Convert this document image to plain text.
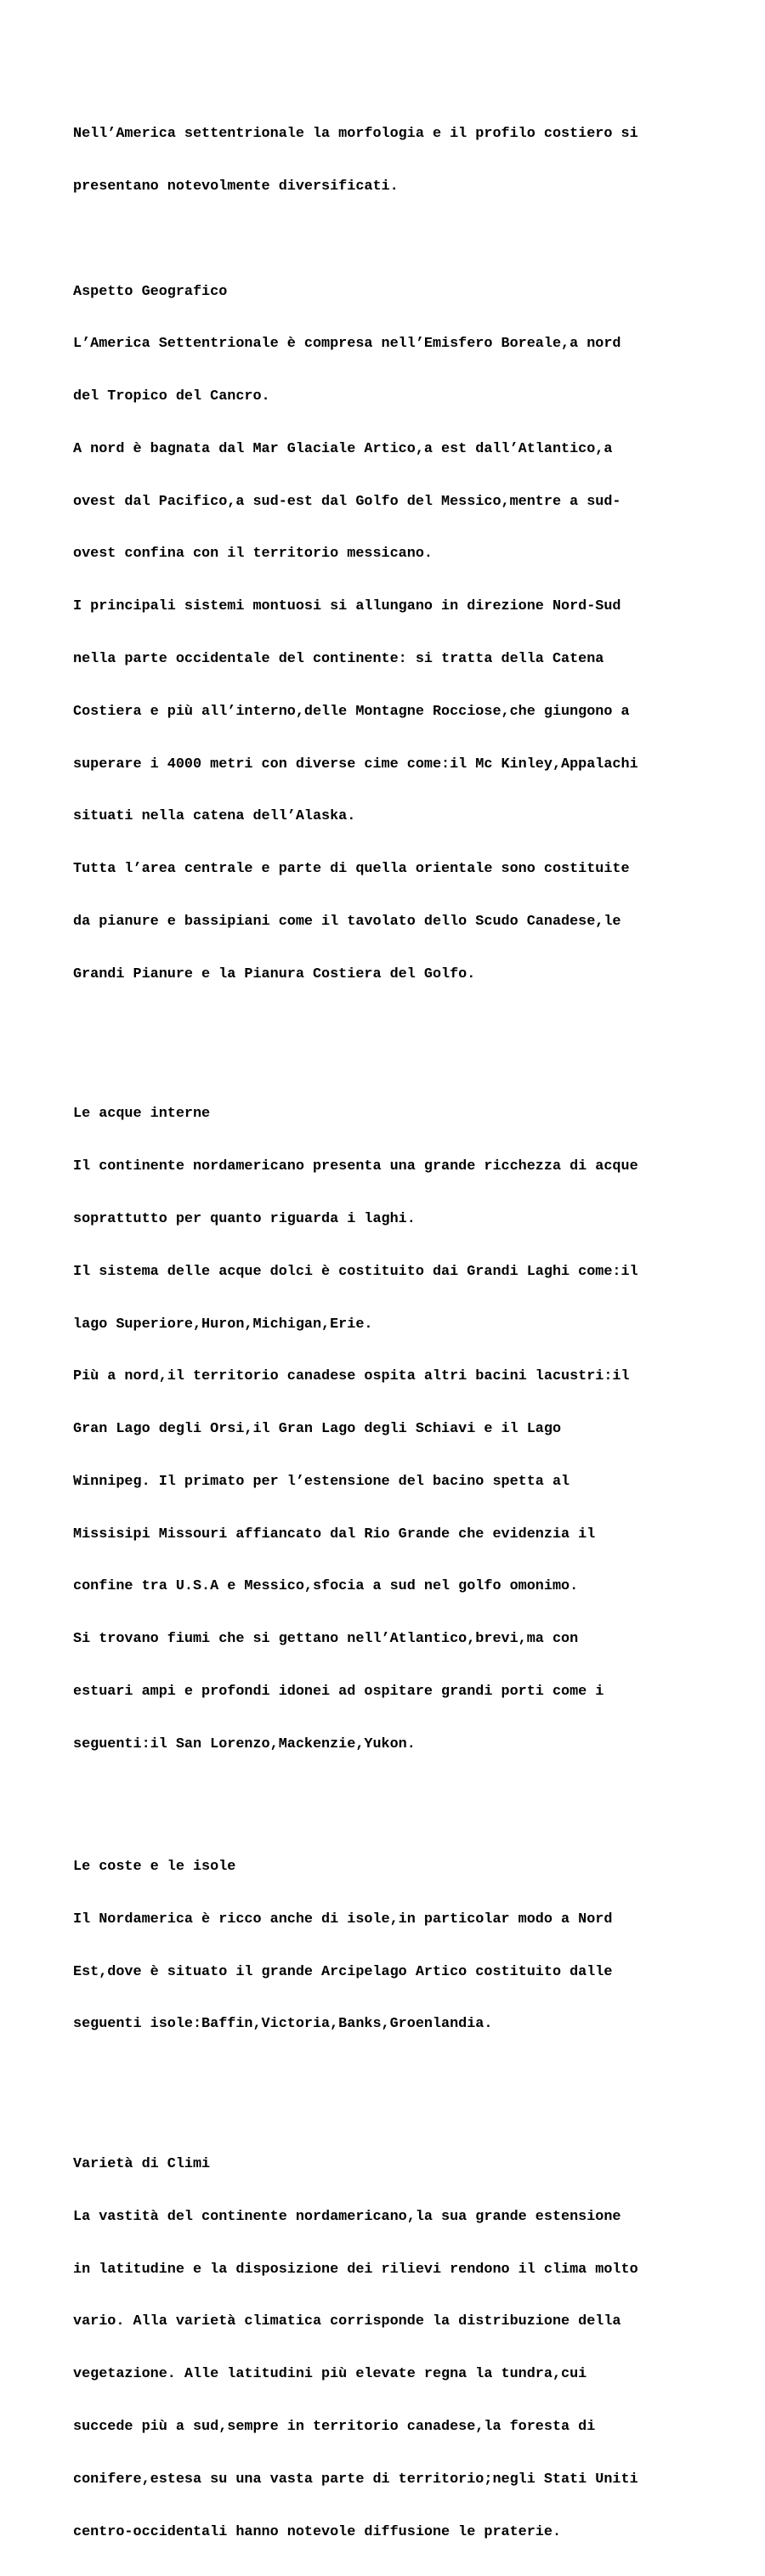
Nell’America settentrionale la morfologia e il profilo costiero si

presentano notevolmente diversificati.

Aspetto Geografico

L’America Settentrionale è compresa nell’Emisfero Boreale,a nord

del Tropico del Cancro.

A nord è bagnata dal Mar Glaciale Artico,a est dall’Atlantico,a

ovest dal Pacifico,a sud-est dal Golfo del Messico,mentre a sud-

ovest confina con il territorio messicano.

I principali sistemi montuosi si allungano in direzione Nord-Sud

nella parte occidentale del continente: si tratta della Catena

Costiera e più all’interno,delle Montagne Rocciose,che giungono a

superare i 4000 metri con diverse cime come:il Mc Kinley,Appalachi

situati nella catena dell’Alaska.

Tutta l’area centrale e parte di quella orientale sono costituite

da pianure e bassipiani come il tavolato dello Scudo Canadese,le

Grandi Pianure e la Pianura Costiera del Golfo.

Le acque interne

Il continente nordamericano presenta una grande ricchezza di acque

soprattutto per quanto riguarda i laghi.

Il sistema delle acque dolci è costituito dai Grandi Laghi come:il

lago Superiore,Huron,Michigan,Erie.

Più a nord,il territorio canadese ospita altri bacini lacustri:il

Gran Lago degli Orsi,il Gran Lago degli Schiavi e il Lago

Winnipeg. Il primato per l’estensione del bacino spetta al

Missisipi Missouri affiancato dal Rio Grande che evidenzia il

confine tra U.S.A e Messico,sfocia a sud nel golfo omonimo.

Si trovano fiumi che si gettano nell’Atlantico,brevi,ma con

estuari ampi e profondi idonei ad ospitare grandi porti come i

seguenti:il San Lorenzo,Mackenzie,Yukon.

Le coste e le isole

Il Nordamerica è ricco anche di isole,in particolar modo a Nord

Est,dove è situato il grande Arcipelago Artico costituito dalle

seguenti isole:Baffin,Victoria,Banks,Groenlandia.

Varietà di Climi

La vastità del continente nordamericano,la sua grande estensione

in latitudine e la disposizione dei rilievi rendono il clima molto

vario. Alla varietà climatica corrisponde la distribuzione della

vegetazione. Alle latitudini più elevate regna la tundra,cui

succede più a sud,sempre in territorio canadese,la foresta di

conifere,estesa su una vasta parte di territorio;negli Stati Uniti

centro-occidentali hanno notevole diffusione le praterie.
